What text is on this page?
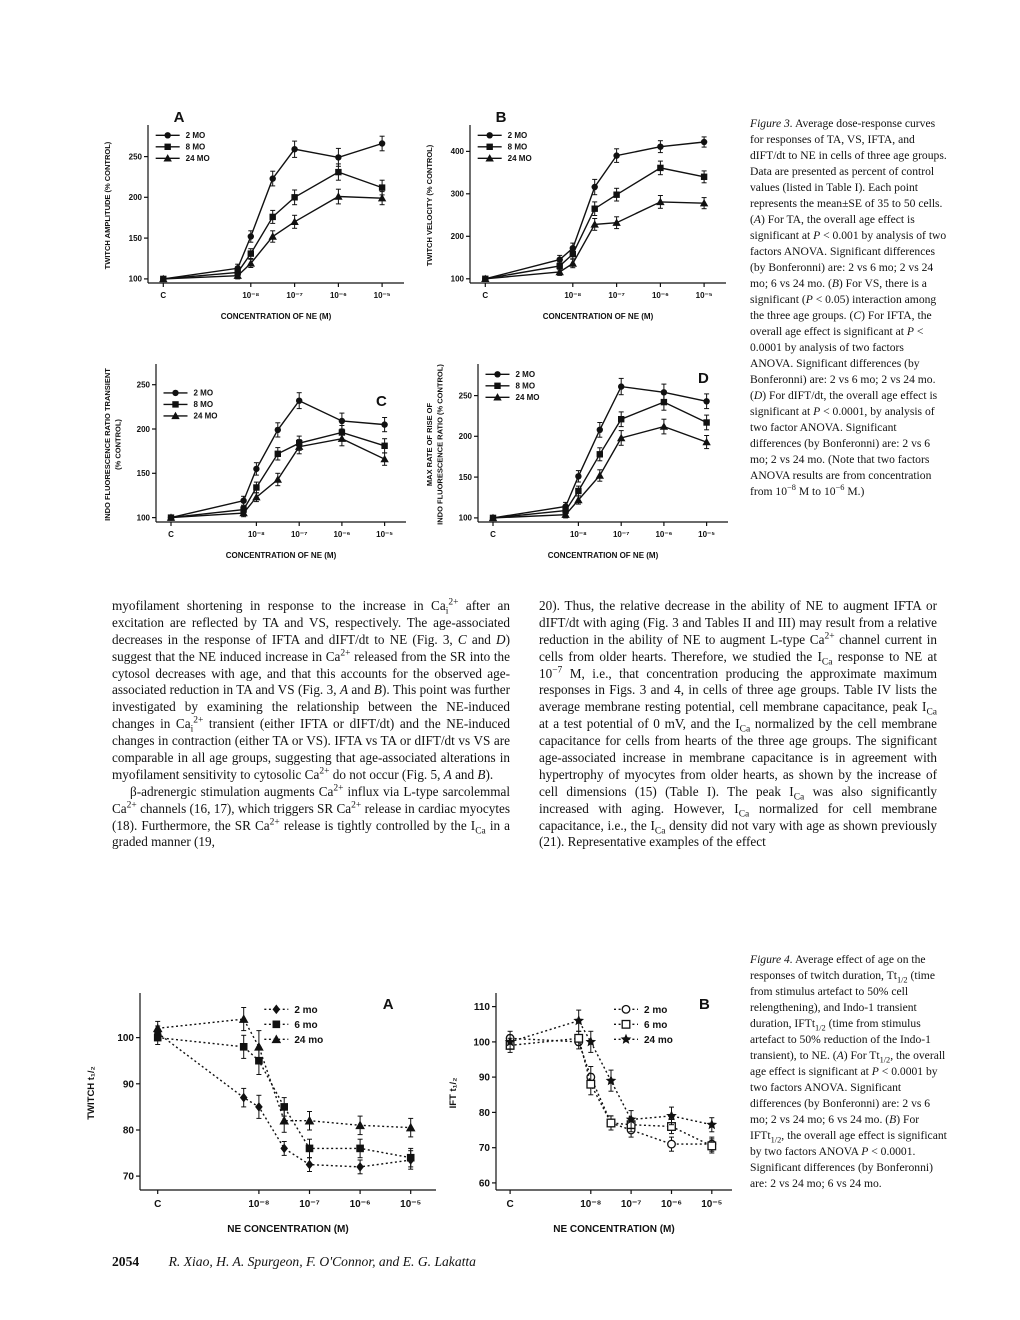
TWITCH AMPLITUDE (% CONTROL)
100
150
200
250
C	10⁻⁸	10⁻⁷	10⁻⁶	10⁻⁵
CONCENTRATION OF NE (M)
2 MO
8 MO
24 MO
A
TWITCH VELOCITY (% CONTROL)
100
200
300
400
C	10⁻⁸	10⁻⁷	10⁻⁶	10⁻⁵
CONCENTRATION OF NE (M)
2 MO
8 MO
24 MO
B
INDO FLUORESCENCE RATIO TRANSIENT (% CONTROL)
100
150
200
250
C	10⁻⁸	10⁻⁷	10⁻⁶	10⁻⁵
CONCENTRATION OF NE (M)
2 MO
8 MO
24 MO
C
MAX RATE OF RISE OF INDO FLUORESCENCE RATIO (% CONTROL) 100
150
200
250
C	10⁻⁸	10⁻⁷	10⁻⁶	10⁻⁵
CONCENTRATION OF NE (M)
2 MO
8 MO
24 MO
D
Figure 3. Average dose-response curves for responses of TA, VS, IFTA, and dIFT/dt to NE in cells of three age groups. Data are presented as percent of control values (listed in Table I). Each point represents the mean±SE of 35 to 50 cells. (A) For TA, the overall age effect is significant at P < 0.001 by analysis of two factors ANOVA. Significant differences (by Bonferonni) are: 2 vs 6 mo; 2 vs 24 mo; 6 vs 24 mo. (B) For VS, there is a significant (P < 0.05) interaction among the three age groups. (C) For IFTA, the overall age effect is significant at P < 0.0001 by analysis of two factors ANOVA. Significant differences (by Bonferonni) are: 2 vs 6 mo; 2 vs 24 mo. (D) For dIFT/dt, the overall age effect is significant at P < 0.0001, by analysis of two factor ANOVA. Significant differences (by Bonferonni) are: 2 vs 6 mo; 2 vs 24 mo. (Note that two factors ANOVA results are from concentration from $10^{-8}$ M to $10^{-6}$ M.)

myofilament shortening in response to the increase in $Ca_i^{2+}$ after an excitation are reflected by TA and VS, respectively. The age-associated decreases in the response of IFTA and dIFT/dt to NE (Fig. 3, C and D) suggest that the NE induced increase in $Ca^{2+}$ released from the SR into the cytosol decreases with age, and that this accounts for the observed age-associated reduction in TA and VS (Fig. 3, A and B). This point was further investigated by examining the relationship between the NE-induced changes in $Ca_i^{2+}$ transient (either IFTA or dIFT/dt) and the NE-induced changes in contraction (either TA or VS). IFTA vs TA or dIFT/dt vs VS are comparable in all age groups, suggesting that age-associated alterations in myofilament sensitivity to cytosolic $Ca^{2+}$ do not occur (Fig. 5, A and B).

β-adrenergic stimulation augments $Ca^{2+}$ influx via L-type sarcolemmal $Ca^{2+}$ channels (16, 17), which triggers SR $Ca^{2+}$ release in cardiac myocytes (18). Furthermore, the SR $Ca^{2+}$ release is tightly controlled by the $I_{Ca}$ in a graded manner (19,

20). Thus, the relative decrease in the ability of NE to augment IFTA or dIFT/dt with aging (Fig. 3 and Tables II and III) may result from a relative reduction in the ability of NE to augment L-type $Ca^{2+}$ channel current in cells from older hearts. Therefore, we studied the $I_{Ca}$ response to NE at $10^{-7}$ M, i.e., that concentration producing the approximate maximum responses in Figs. 3 and 4, in cells of three age groups. Table IV lists the average membrane resting potential, cell membrane capacitance, peak $I_{Ca}$ at a test potential of 0 mV, and the $I_{Ca}$ normalized by the cell membrane capacitance for cells from hearts of the three age groups. The significant age-associated increase in membrane capacitance is in agreement with hypertrophy of myocytes from older hearts, as shown by the increase of cell dimensions (15) (Table I). The peak $I_{Ca}$ was also significantly increased with aging. However, $I_{Ca}$ normalized for cell membrane capacitance, i.e., the $I_{Ca}$ density did not vary with age as shown previously (21). Representative examples of the effect

TWITCH t₁/₂
70
80
90
100
C	10⁻⁸	10⁻⁷	10⁻⁶	10⁻⁵
NE CONCENTRATION (M)
2 mo
6 mo
24 mo
A
IFT t₁/₂
60
70
80
90
100
110
C	10⁻⁸ 10⁻⁷ 10⁻⁶ 10⁻⁵
NE CONCENTRATION (M)
2 mo
6 mo
24 mo
B
Figure 4. Average effect of age on the responses of twitch duration, $Tt_{1/2}$ (time from stimulus artefact to 50% cell relengthening), and Indo-1 transient duration, IFTt$_{1/2}$ (time from stimulus artefact to 50% reduction of the Indo-1 transient), to NE. (A) For $Tt_{1/2}$, the overall age effect is significant at P < 0.0001 by two factors ANOVA. Significant differences (by Bonferonni) are: 2 vs 6 mo; 2 vs 24 mo; 6 vs 24 mo. (B) For IFTt$_{1/2}$, the overall age effect is significant by two factors ANOVA P < 0.0001. Significant differences (by Bonferonni) are: 2 vs 24 mo; 6 vs 24 mo.
2054 R. Xiao, H. A. Spurgeon, F. O'Connor, and E. G. Lakatta
